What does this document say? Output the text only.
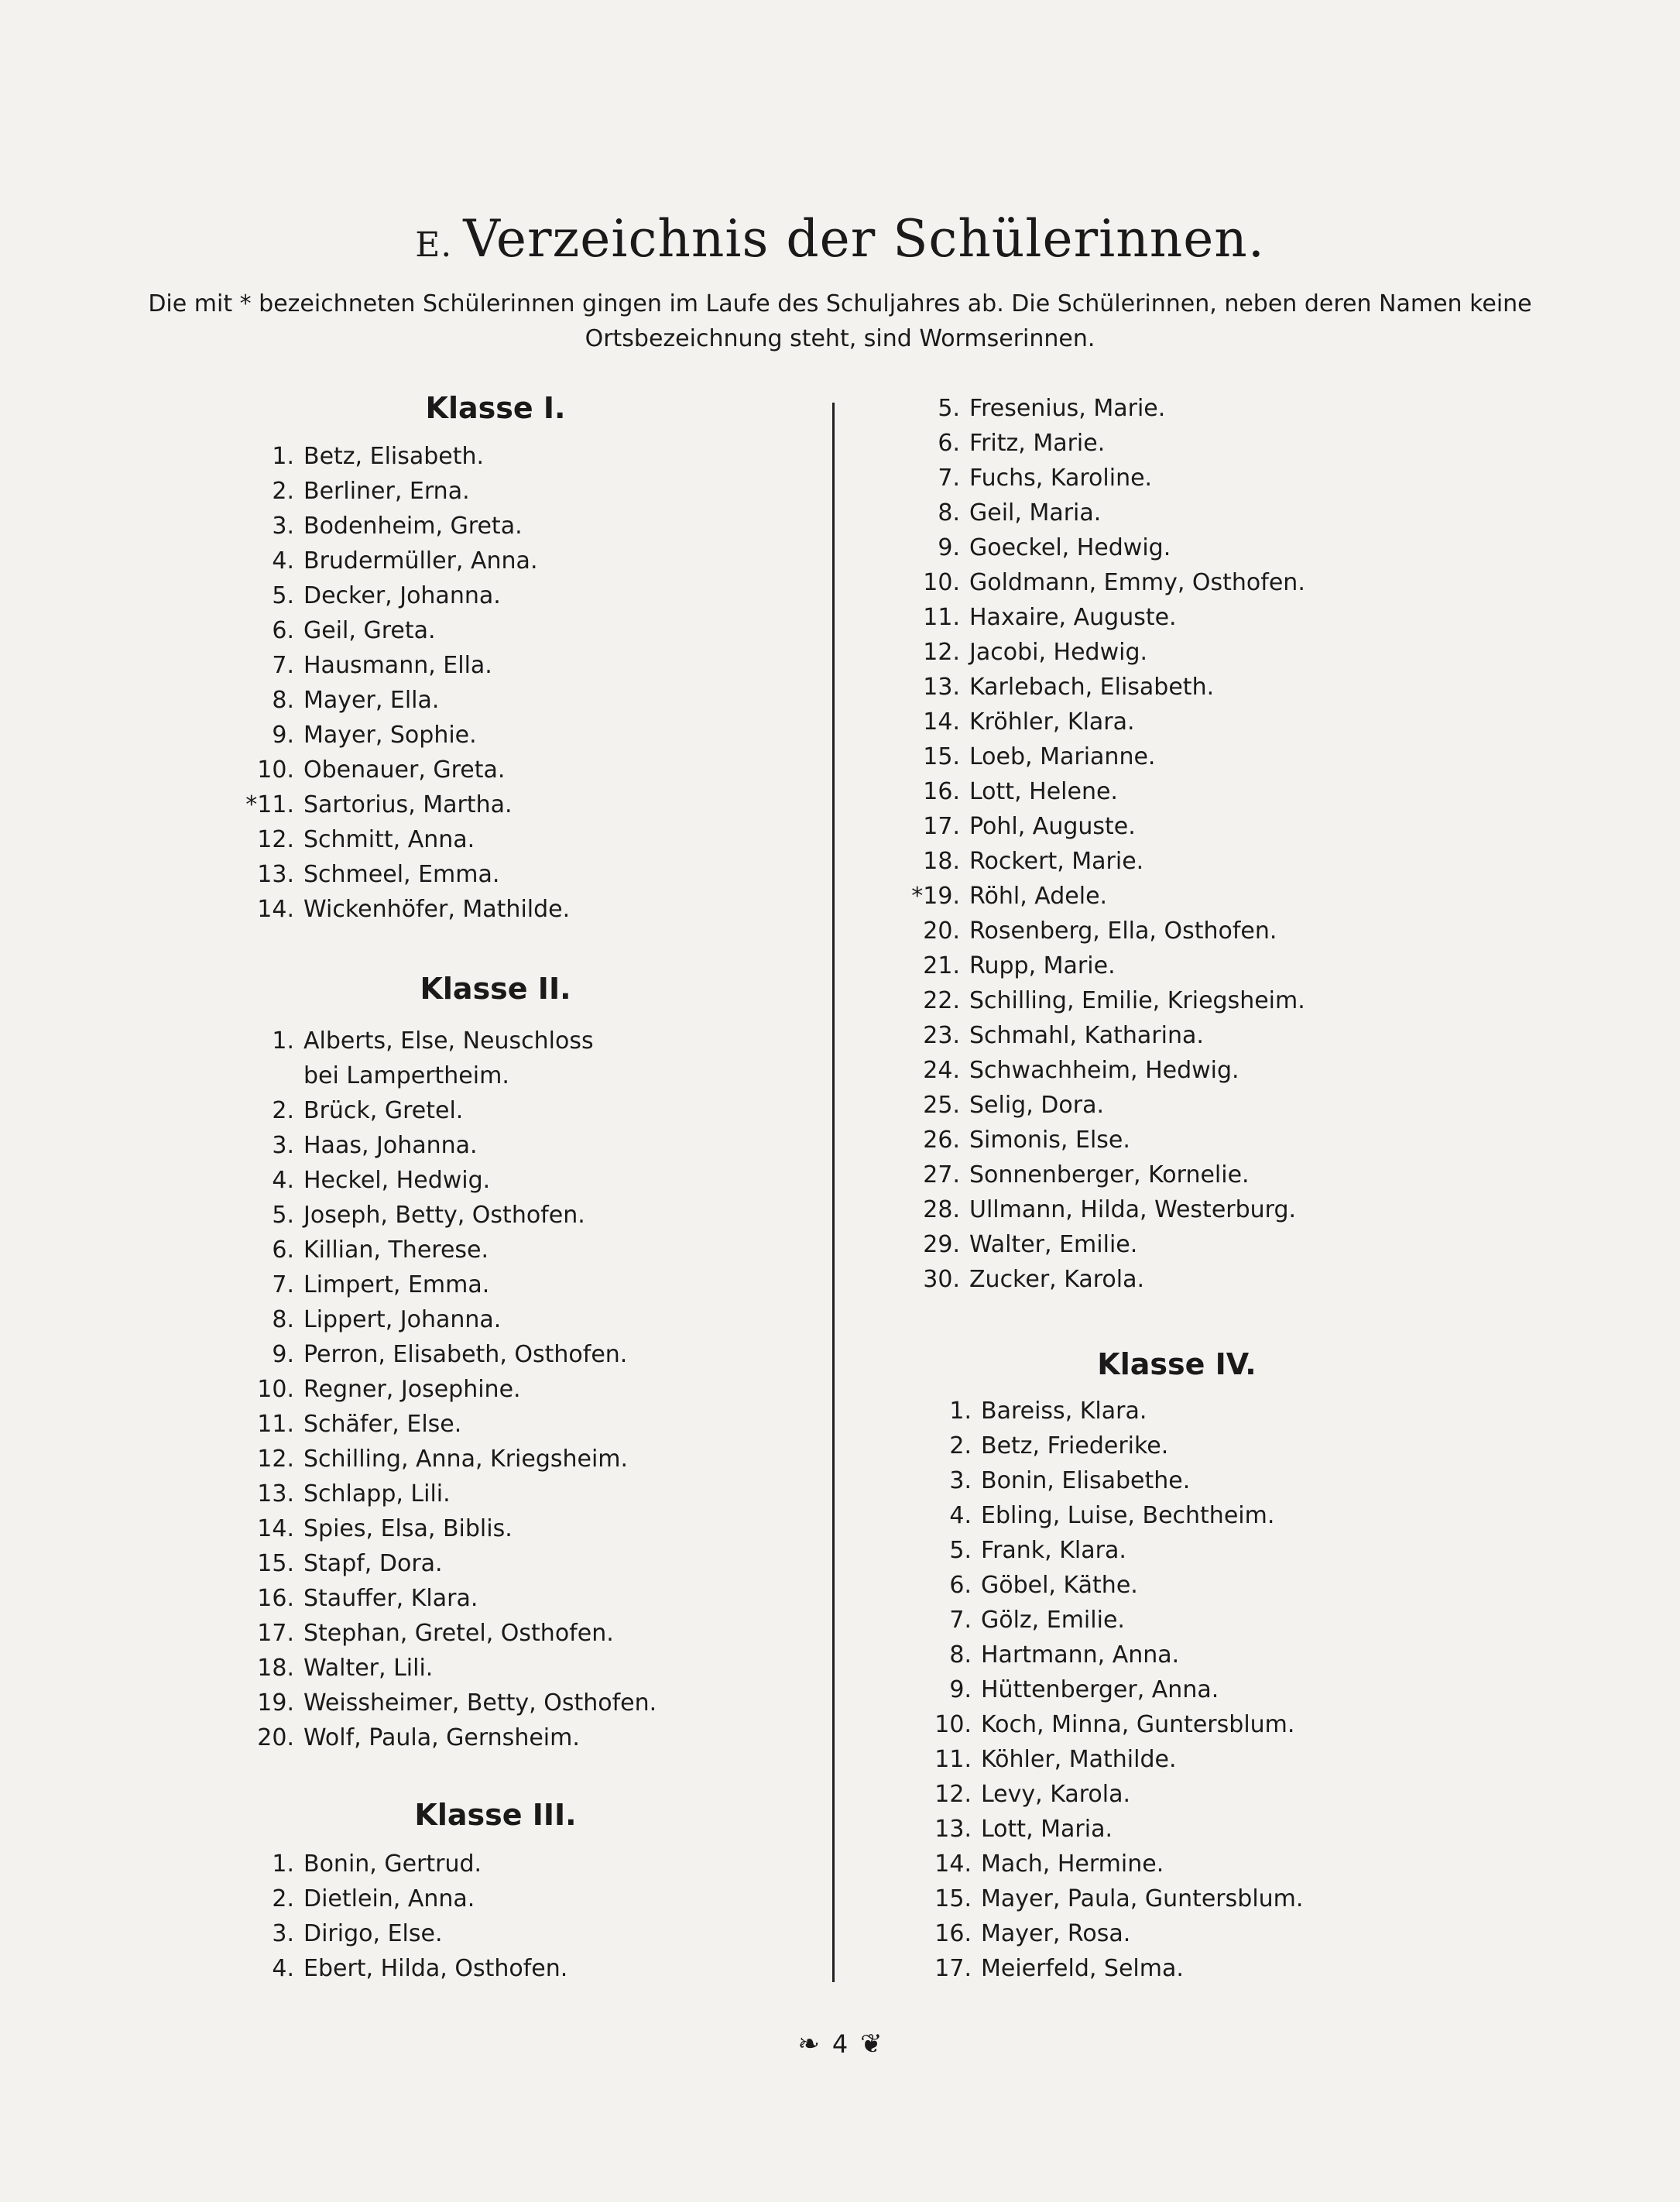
E. Verzeichnis der Schülerinnen.
Die mit * bezeichneten Schülerinnen gingen im Laufe des Schuljahres ab. Die Schülerinnen, neben deren Namen keine Ortsbezeichnung steht, sind Wormserinnen.
Klasse I.
1. Betz, Elisabeth.
2. Berliner, Erna.
3. Bodenheim, Greta.
4. Brudermüller, Anna.
5. Decker, Johanna.
6. Geil, Greta.
7. Hausmann, Ella.
8. Mayer, Ella.
9. Mayer, Sophie.
10. Obenauer, Greta.
*11. Sartorius, Martha.
12. Schmitt, Anna.
13. Schmeel, Emma.
14. Wickenhöfer, Mathilde.
Klasse II.
1. Alberts, Else, Neuschloss
bei Lampertheim.
2. Brück, Gretel.
3. Haas, Johanna.
4. Heckel, Hedwig.
5. Joseph, Betty, Osthofen.
6. Killian, Therese.
7. Limpert, Emma.
8. Lippert, Johanna.
9. Perron, Elisabeth, Osthofen.
10. Regner, Josephine.
11. Schäfer, Else.
12. Schilling, Anna, Kriegsheim.
13. Schlapp, Lili.
14. Spies, Elsa, Biblis.
15. Stapf, Dora.
16. Stauffer, Klara.
17. Stephan, Gretel, Osthofen.
18. Walter, Lili.
19. Weissheimer, Betty, Osthofen.
20. Wolf, Paula, Gernsheim.
Klasse III.
1. Bonin, Gertrud.
2. Dietlein, Anna.
3. Dirigo, Else.
4. Ebert, Hilda, Osthofen.
5. Fresenius, Marie.
6. Fritz, Marie.
7. Fuchs, Karoline.
8. Geil, Maria.
9. Goeckel, Hedwig.
10. Goldmann, Emmy, Osthofen.
11. Haxaire, Auguste.
12. Jacobi, Hedwig.
13. Karlebach, Elisabeth.
14. Kröhler, Klara.
15. Loeb, Marianne.
16. Lott, Helene.
17. Pohl, Auguste.
18. Rockert, Marie.
*19. Röhl, Adele.
20. Rosenberg, Ella, Osthofen.
21. Rupp, Marie.
22. Schilling, Emilie, Kriegsheim.
23. Schmahl, Katharina.
24. Schwachheim, Hedwig.
25. Selig, Dora.
26. Simonis, Else.
27. Sonnenberger, Kornelie.
28. Ullmann, Hilda, Westerburg.
29. Walter, Emilie.
30. Zucker, Karola.
Klasse IV.
1. Bareiss, Klara.
2. Betz, Friederike.
3. Bonin, Elisabethe.
4. Ebling, Luise, Bechtheim.
5. Frank, Klara.
6. Göbel, Käthe.
7. Gölz, Emilie.
8. Hartmann, Anna.
9. Hüttenberger, Anna.
10. Koch, Minna, Guntersblum.
11. Köhler, Mathilde.
12. Levy, Karola.
13. Lott, Maria.
14. Mach, Hermine.
15. Mayer, Paula, Guntersblum.
16. Mayer, Rosa.
17. Meierfeld, Selma.
❧ 4 ❦
